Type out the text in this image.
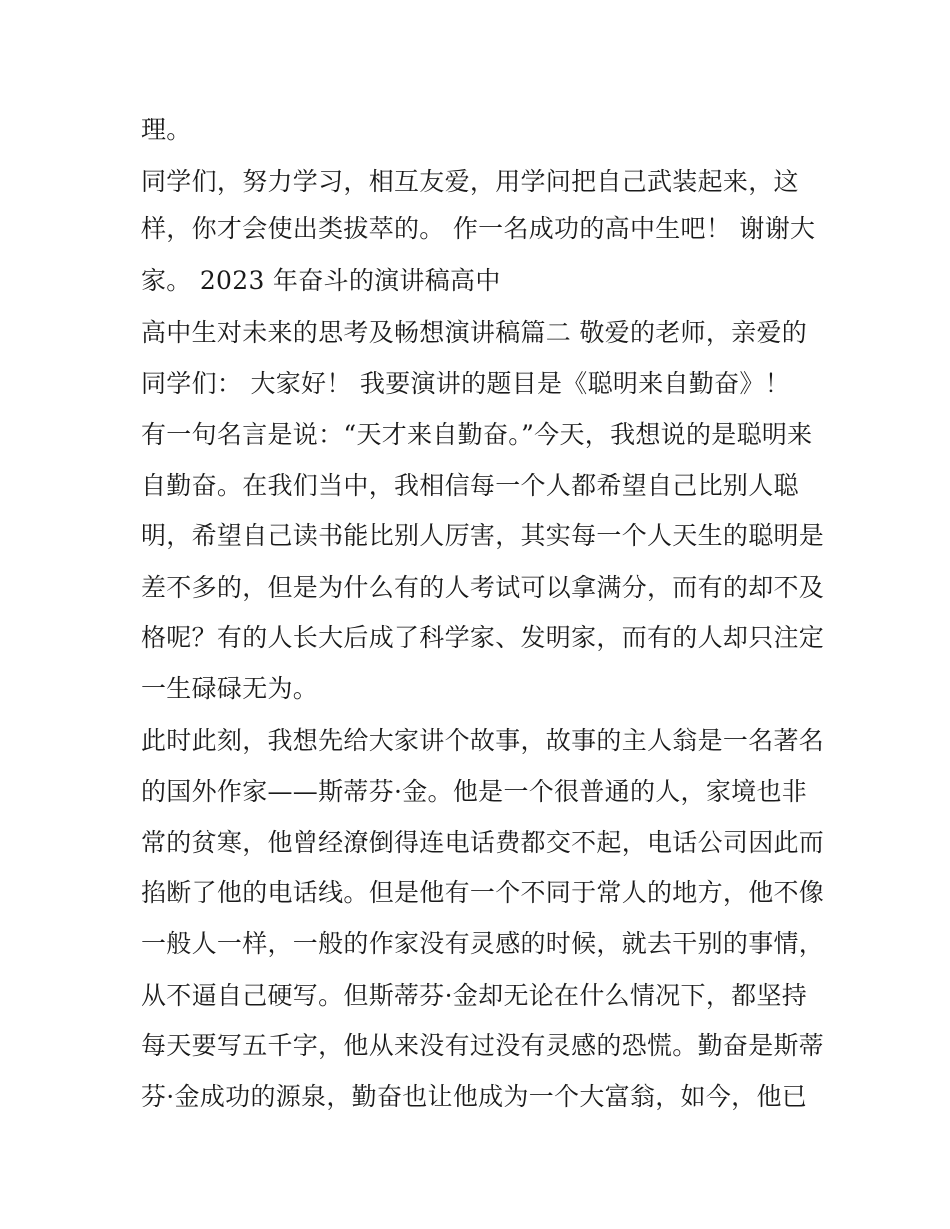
理。
同学们，努力学习，相互友爱，用学问把自己武装起来，这
样，你才会使出类拔萃的。 作一名成功的高中生吧！ 谢谢大
家。 2023 年奋斗的演讲稿高中
高中生对未来的思考及畅想演讲稿篇二 敬爱的老师，亲爱的
同学们： 大家好！ 我要演讲的题目是《聪明来自勤奋》！
有一句名言是说：“天才来自勤奋。”今天，我想说的是聪明来
自勤奋。在我们当中，我相信每一个人都希望自己比别人聪
明，希望自己读书能比别人厉害，其实每一个人天生的聪明是
差不多的，但是为什么有的人考试可以拿满分，而有的却不及
格呢？有的人长大后成了科学家、发明家，而有的人却只注定
一生碌碌无为。
此时此刻，我想先给大家讲个故事，故事的主人翁是一名著名
的国外作家——斯蒂芬·金。他是一个很普通的人，家境也非
常的贫寒，他曾经潦倒得连电话费都交不起，电话公司因此而
掐断了他的电话线。但是他有一个不同于常人的地方，他不像
一般人一样，一般的作家没有灵感的时候，就去干别的事情，
从不逼自己硬写。但斯蒂芬·金却无论在什么情况下，都坚持
每天要写五千字，他从来没有过没有灵感的恐慌。勤奋是斯蒂
芬·金成功的源泉，勤奋也让他成为一个大富翁，如今，他已
